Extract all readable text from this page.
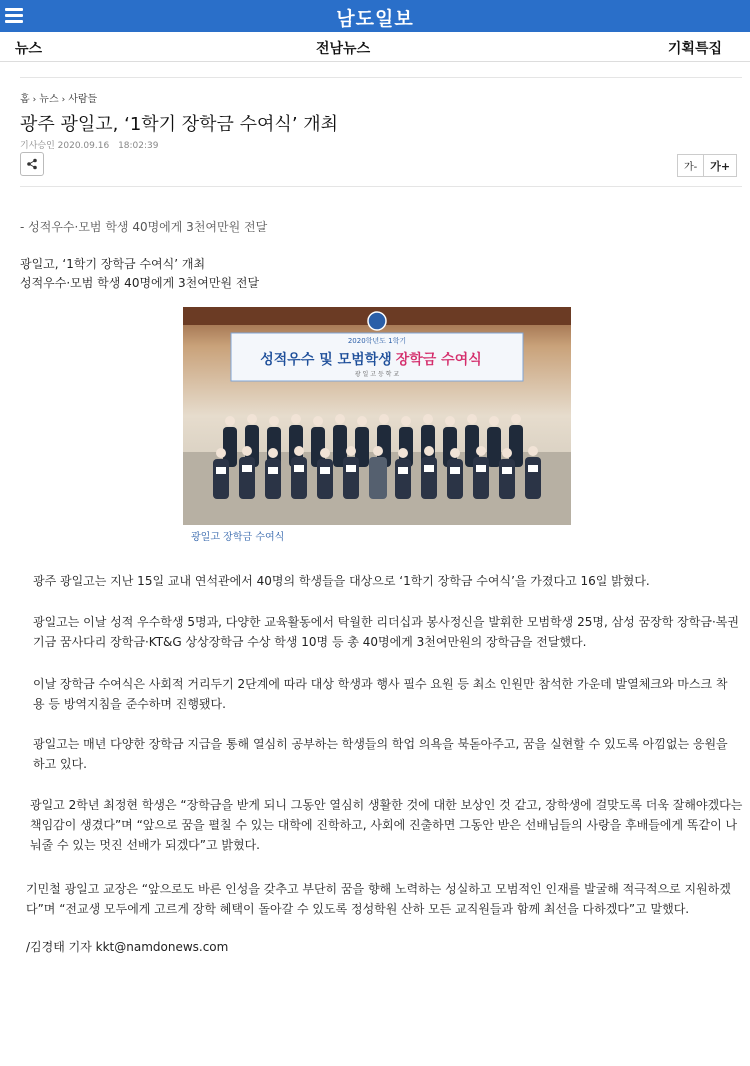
남도일보
뉴스	전남뉴스	기획특집
홈 › 뉴스 › 사람들
광주 광일고, ‘1학기 장학금 수여식’ 개최
기사승인 2020.09.16 18:02:39
가-	가+
- 성적우수·모범 학생 40명에게 3천여만원 전달
광일고, ‘1학기 장학금 수여식’ 개최
성적우수·모범 학생 40명에게 3천여만원 전달
2020학년도 1학기
성적우수 및 모범학생 장학금 수여식
광 일 고 등 학 교
광일고 장학금 수여식

광주 광일고는 지난 15일 교내 연석관에서 40명의 학생들을 대상으로 ‘1학기 장학금 수여식’을 가졌다고 16일 밝혔다.

광일고는 이날 성적 우수학생 5명과, 다양한 교육활동에서 탁월한 리더십과 봉사정신을 발휘한 모범학생 25명, 삼성 꿈장학 장학금·복권기금 꿈사다리 장학금·KT&G 상상장학금 수상 학생 10명 등 총 40명에게 3천여만원의 장학금을 전달했다.

이날 장학금 수여식은 사회적 거리두기 2단계에 따라 대상 학생과 행사 필수 요원 등 최소 인원만 참석한 가운데 발열체크와 마스크 착용 등 방역지침을 준수하며 진행됐다.

광일고는 매년 다양한 장학금 지급을 통해 열심히 공부하는 학생들의 학업 의욕을 북돋아주고, 꿈을 실현할 수 있도록 아낌없는 응원을 하고 있다.

광일고 2학년 최정현 학생은 “장학금을 받게 되니 그동안 열심히 생활한 것에 대한 보상인 것 같고, 장학생에 걸맞도록 더욱 잘해야겠다는 책임감이 생겼다”며 “앞으로 꿈을 펼칠 수 있는 대학에 진학하고, 사회에 진출하면 그동안 받은 선배님들의 사랑을 후배들에게 똑같이 나눠줄 수 있는 멋진 선배가 되겠다”고 밝혔다.

기민철 광일고 교장은 “앞으로도 바른 인성을 갖추고 부단히 꿈을 향해 노력하는 성실하고 모범적인 인재를 발굴해 적극적으로 지원하겠다”며 “전교생 모두에게 고르게 장학 혜택이 돌아갈 수 있도록 정성학원 산하 모든 교직원들과 함께 최선을 다하겠다”고 말했다.

/김경태 기자 kkt@namdonews.com
